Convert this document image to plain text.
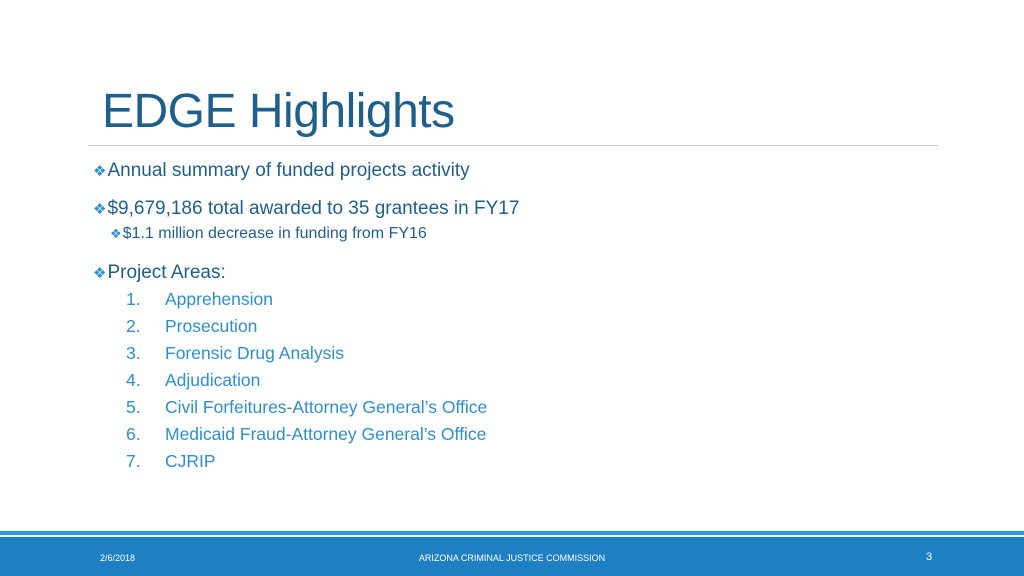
EDGE Highlights
❖ Annual summary of funded projects activity
❖ $9,679,186 total awarded to 35 grantees in FY17
❖ $1.1 million decrease in funding from FY16
❖ Project Areas:
1.	Apprehension
2.	Prosecution
3.	Forensic Drug Analysis
4.	Adjudication
5.	Civil Forfeitures-Attorney General’s Office
6.	Medicaid Fraud-Attorney General’s Office
7.	CJRIP
2/6/2018	ARIZONA CRIMINAL JUSTICE COMMISSION	3
